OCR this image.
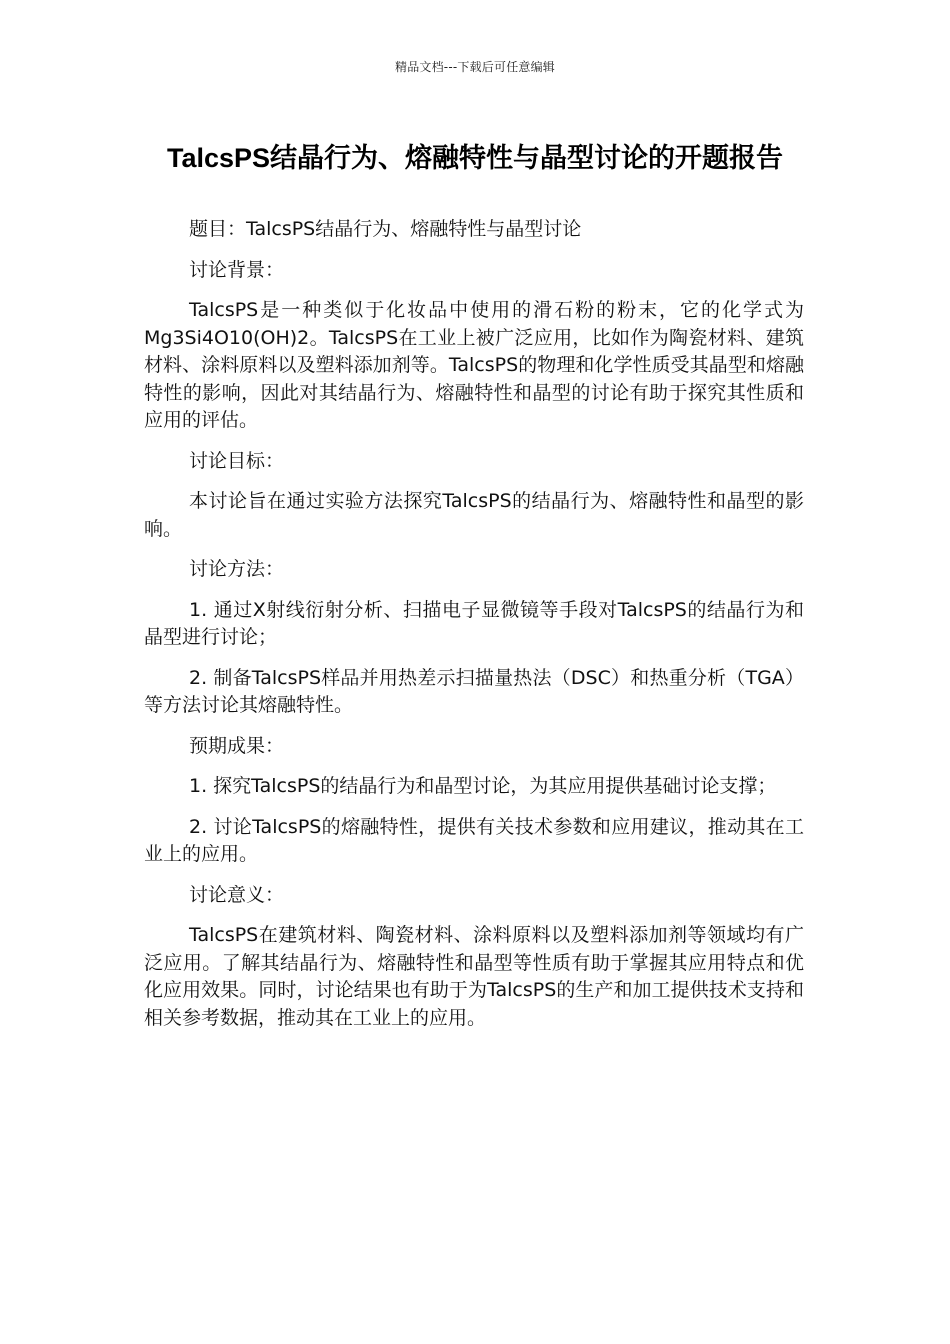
精品文档---下载后可任意编辑
TalcsPS结晶行为、熔融特性与晶型讨论的开题报告

题目：TalcsPS结晶行为、熔融特性与晶型讨论

讨论背景：

TalcsPS是一种类似于化妆品中使用的滑石粉的粉末，它的化学式为Mg3Si4O10(OH)2。TalcsPS在工业上被广泛应用，比如作为陶瓷材料、建筑材料、涂料原料以及塑料添加剂等。TalcsPS的物理和化学性质受其晶型和熔融特性的影响，因此对其结晶行为、熔融特性和晶型的讨论有助于探究其性质和应用的评估。

讨论目标：

本讨论旨在通过实验方法探究TalcsPS的结晶行为、熔融特性和晶型的影响。

讨论方法：

1. 通过X射线衍射分析、扫描电子显微镜等手段对TalcsPS的结晶行为和晶型进行讨论；

2. 制备TalcsPS样品并用热差示扫描量热法（DSC）和热重分析（TGA）等方法讨论其熔融特性。

预期成果：

1. 探究TalcsPS的结晶行为和晶型讨论，为其应用提供基础讨论支撑；

2. 讨论TalcsPS的熔融特性，提供有关技术参数和应用建议，推动其在工业上的应用。

讨论意义：

TalcsPS在建筑材料、陶瓷材料、涂料原料以及塑料添加剂等领域均有广泛应用。了解其结晶行为、熔融特性和晶型等性质有助于掌握其应用特点和优化应用效果。同时，讨论结果也有助于为TalcsPS的生产和加工提供技术支持和相关参考数据，推动其在工业上的应用。
